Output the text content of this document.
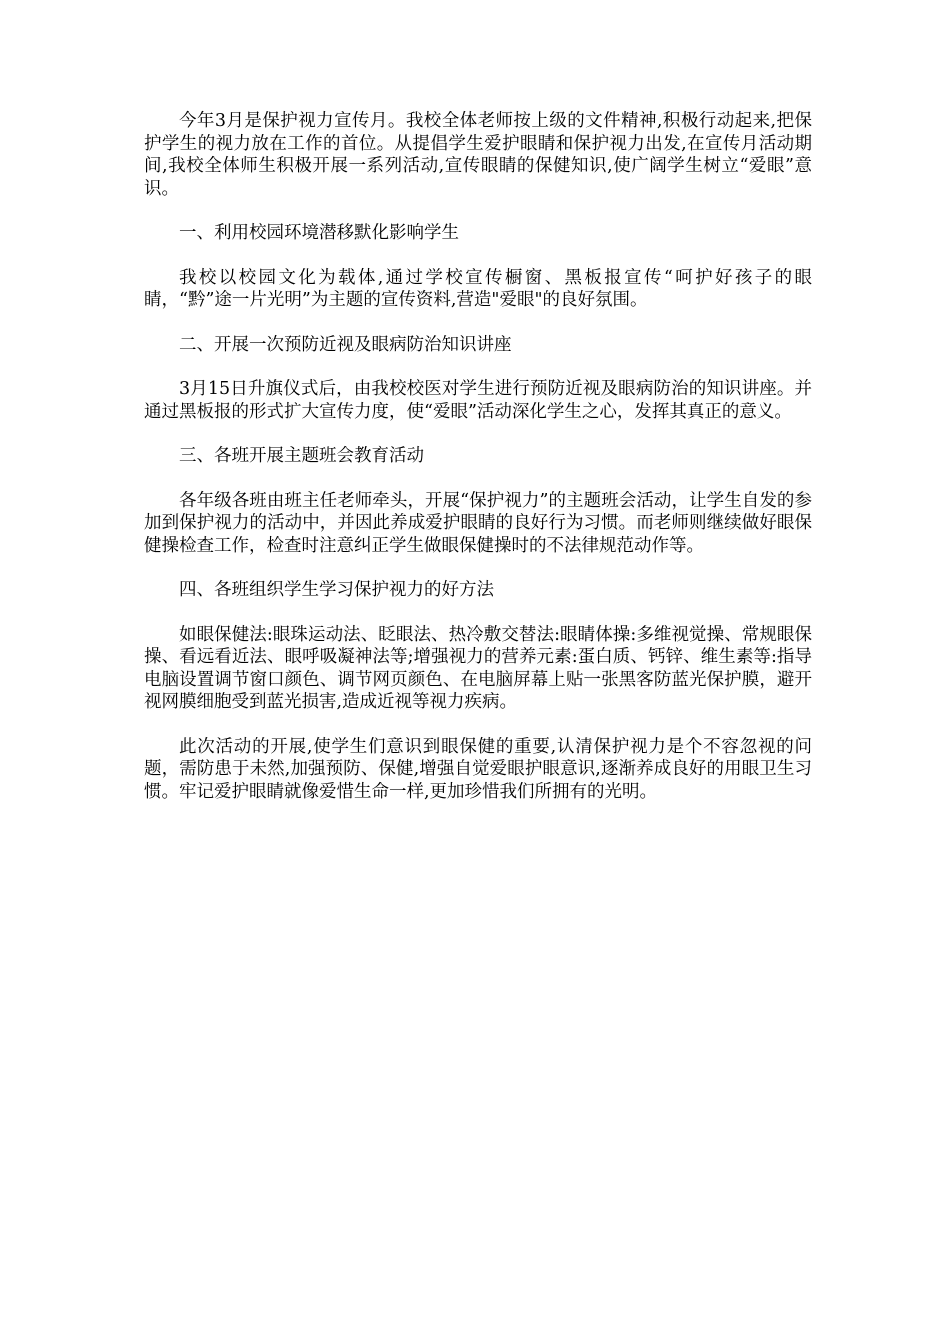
今年3月是保护视力宣传月。我校全体老师按上级的文件精神,积极行动起来,把保护学生的视力放在工作的首位。从提倡学生爱护眼睛和保护视力出发,在宣传月活动期间,我校全体师生积极开展一系列活动,宣传眼睛的保健知识,使广阔学生树立“爱眼”意识。

一、利用校园环境潜移默化影响学生

我校以校园文化为载体,通过学校宣传橱窗、黑板报宣传“呵护好孩子的眼睛，“黔”途一片光明”为主题的宣传资料,营造"爱眼"的良好氛围。

二、开展一次预防近视及眼病防治知识讲座

3月15日升旗仪式后，由我校校医对学生进行预防近视及眼病防治的知识讲座。并通过黑板报的形式扩大宣传力度，使“爱眼”活动深化学生之心，发挥其真正的意义。

三、各班开展主题班会教育活动

各年级各班由班主任老师牵头，开展“保护视力”的主题班会活动，让学生自发的参加到保护视力的活动中，并因此养成爱护眼睛的良好行为习惯。而老师则继续做好眼保健操检查工作，检查时注意纠正学生做眼保健操时的不法律规范动作等。

四、各班组织学生学习保护视力的好方法

如眼保健法:眼珠运动法、眨眼法、热冷敷交替法:眼睛体操:多维视觉操、常规眼保操、看远看近法、眼呼吸凝神法等;增强视力的营养元素:蛋白质、钙锌、维生素等:指导电脑设置调节窗口颜色、调节网页颜色、在电脑屏幕上贴一张黑客防蓝光保护膜，避开视网膜细胞受到蓝光损害,造成近视等视力疾病。

此次活动的开展,使学生们意识到眼保健的重要,认清保护视力是个不容忽视的问题，需防患于未然,加强预防、保健,增强自觉爱眼护眼意识,逐渐养成良好的用眼卫生习惯。牢记爱护眼睛就像爱惜生命一样,更加珍惜我们所拥有的光明。
